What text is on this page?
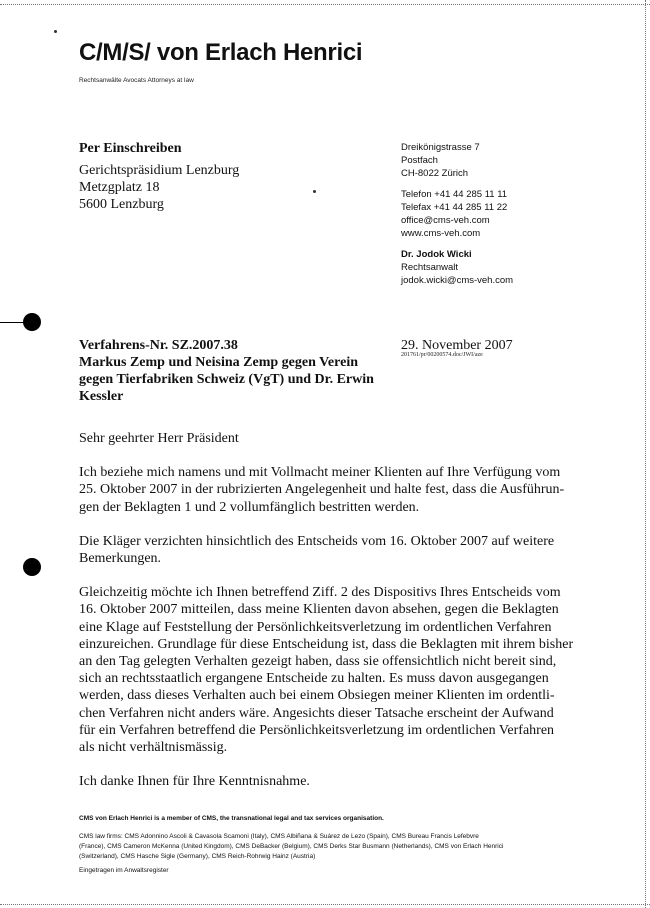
C/M/S/ von Erlach Henrici
Rechtsanwälte Avocats Attorneys at law
Per Einschreiben
Gerichtspräsidium Lenzburg
Metzgplatz 18
5600 Lenzburg
Dreikönigstrasse 7
Postfach
CH-8022 Zürich
Telefon +41 44 285 11 11
Telefax +41 44 285 11 22
office@cms-veh.com
www.cms-veh.com
Dr. Jodok Wicki
Rechtsanwalt
jodok.wicki@cms-veh.com
Verfahrens-Nr. SZ.2007.38
Markus Zemp und Neisina Zemp gegen Verein
gegen Tierfabriken Schweiz (VgT) und Dr. Erwin
Kessler
29. November 2007
201761/pr/00200574.doc/JWI/aze

Sehr geehrter Herr Präsident

Ich beziehe mich namens und mit Vollmacht meiner Klienten auf Ihre Verfügung vom
25. Oktober 2007 in der rubrizierten Angelegenheit und halte fest, dass die Ausführun-
gen der Beklagten 1 und 2 vollumfänglich bestritten werden.

Die Kläger verzichten hinsichtlich des Entscheids vom 16. Oktober 2007 auf weitere
Bemerkungen.

Gleichzeitig möchte ich Ihnen betreffend Ziff. 2 des Dispositivs Ihres Entscheids vom
16. Oktober 2007 mitteilen, dass meine Klienten davon absehen, gegen die Beklagten
eine Klage auf Feststellung der Persönlichkeitsverletzung im ordentlichen Verfahren
einzureichen. Grundlage für diese Entscheidung ist, dass die Beklagten mit ihrem bisher
an den Tag gelegten Verhalten gezeigt haben, dass sie offensichtlich nicht bereit sind,
sich an rechtsstaatlich ergangene Entscheide zu halten. Es muss davon ausgegangen
werden, dass dieses Verhalten auch bei einem Obsiegen meiner Klienten im ordentli-
chen Verfahren nicht anders wäre. Angesichts dieser Tatsache erscheint der Aufwand
für ein Verfahren betreffend die Persönlichkeitsverletzung im ordentlichen Verfahren
als nicht verhältnismässig.

Ich danke Ihnen für Ihre Kenntnisnahme.

CMS von Erlach Henrici is a member of CMS, the transnational legal and tax services organisation.
CMS law firms: CMS Adonnino Ascoli & Cavasola Scamoni (Italy), CMS Albiñana & Suárez de Lezo (Spain), CMS Bureau Francis Lefebvre
(France), CMS Cameron McKenna (United Kingdom), CMS DeBacker (Belgium), CMS Derks Star Busmann (Netherlands), CMS von Erlach Henrici
(Switzerland), CMS Hasche Sigle (Germany), CMS Reich-Rohrwig Hainz (Austria)
Eingetragen im Anwaltsregister
